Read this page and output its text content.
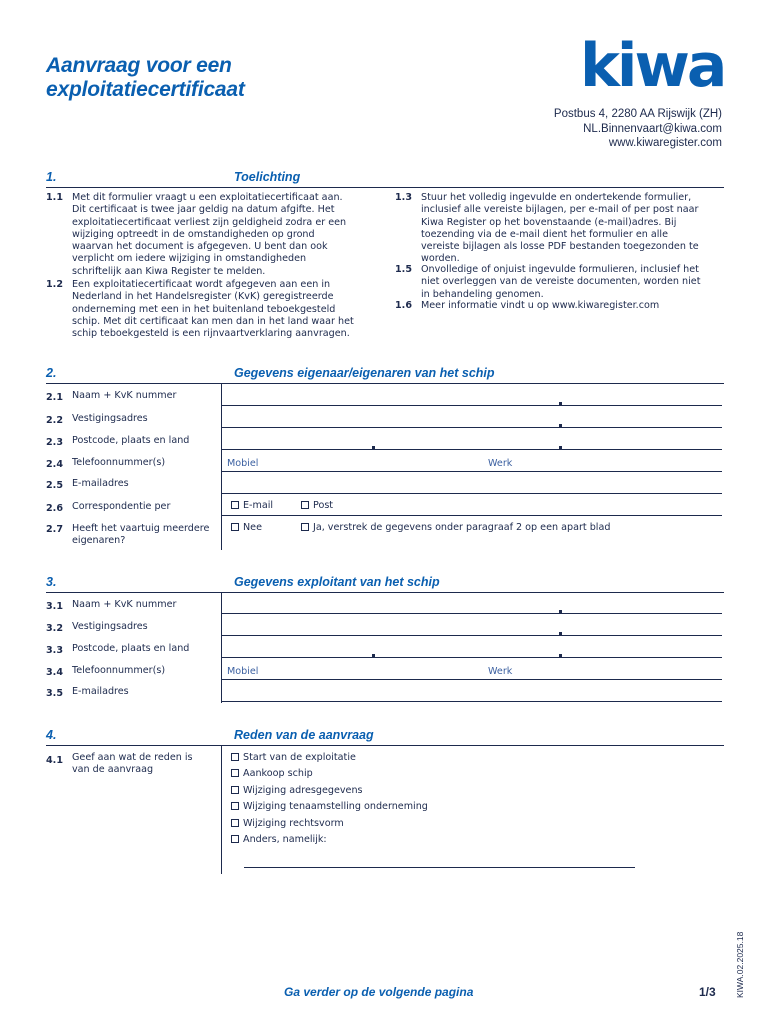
Aanvraag voor een
exploitatiecertificaat	kiwa
Postbus 4, 2280 AA Rijswijk (ZH)
NL.Binnenvaart@kiwa.com
www.kiwaregister.com
1.	Toelichting
1.1 Met dit formulier vraagt u een exploitatiecertificaat aan.
Dit certificaat is twee jaar geldig na datum afgifte. Het
exploitatiecertificaat verliest zijn geldigheid zodra er een
wijziging optreedt in de omstandigheden op grond
waarvan het document is afgegeven. U bent dan ook
verplicht om iedere wijziging in omstandigheden
schriftelijk aan Kiwa Register te melden.
1.2 Een exploitatiecertificaat wordt afgegeven aan een in
Nederland in het Handelsregister (KvK) geregistreerde
onderneming met een in het buitenland teboekgesteld
schip. Met dit certificaat kan men dan in het land waar het
schip teboekgesteld is een rijnvaartverklaring aanvragen.
1.3 Stuur het volledig ingevulde en ondertekende formulier,
inclusief alle vereiste bijlagen, per e-mail of per post naar
Kiwa Register op het bovenstaande (e-mail)adres. Bij
toezending via de e-mail dient het formulier en alle
vereiste bijlagen als losse PDF bestanden toegezonden te
worden.
1.5 Onvolledige of onjuist ingevulde formulieren, inclusief het
niet overleggen van de vereiste documenten, worden niet
in behandeling genomen.
1.6 Meer informatie vindt u op www.kiwaregister.com
2.	Gegevens eigenaar/eigenaren van het schip
2.1 Naam + KvK nummer
2.2 Vestigingsadres
2.3 Postcode, plaats en land
2.4 Telefoonnummer(s)	Mobiel	Werk
2.5 E-mailadres
2.6 Correspondentie per	E-mail	Post
2.7 Heeft het vaartuig meerdere eigenaren?
Nee	Ja, verstrek de gegevens onder paragraaf 2 op een apart blad
3.	Gegevens exploitant van het schip
3.1 Naam + KvK nummer
3.2 Vestigingsadres
3.3 Postcode, plaats en land
3.4 Telefoonnummer(s)	Mobiel	Werk
3.5 E-mailadres
4.	Reden van de aanvraag
4.1 Geef aan wat de reden is
van de aanvraag
Start van de exploitatie
Aankoop schip
Wijziging adresgegevens
Wijziging tenaamstelling onderneming
Wijziging rechtsvorm
Anders, namelijk:
Ga verder op de volgende pagina	1/3 KIWA.02.2025.18
